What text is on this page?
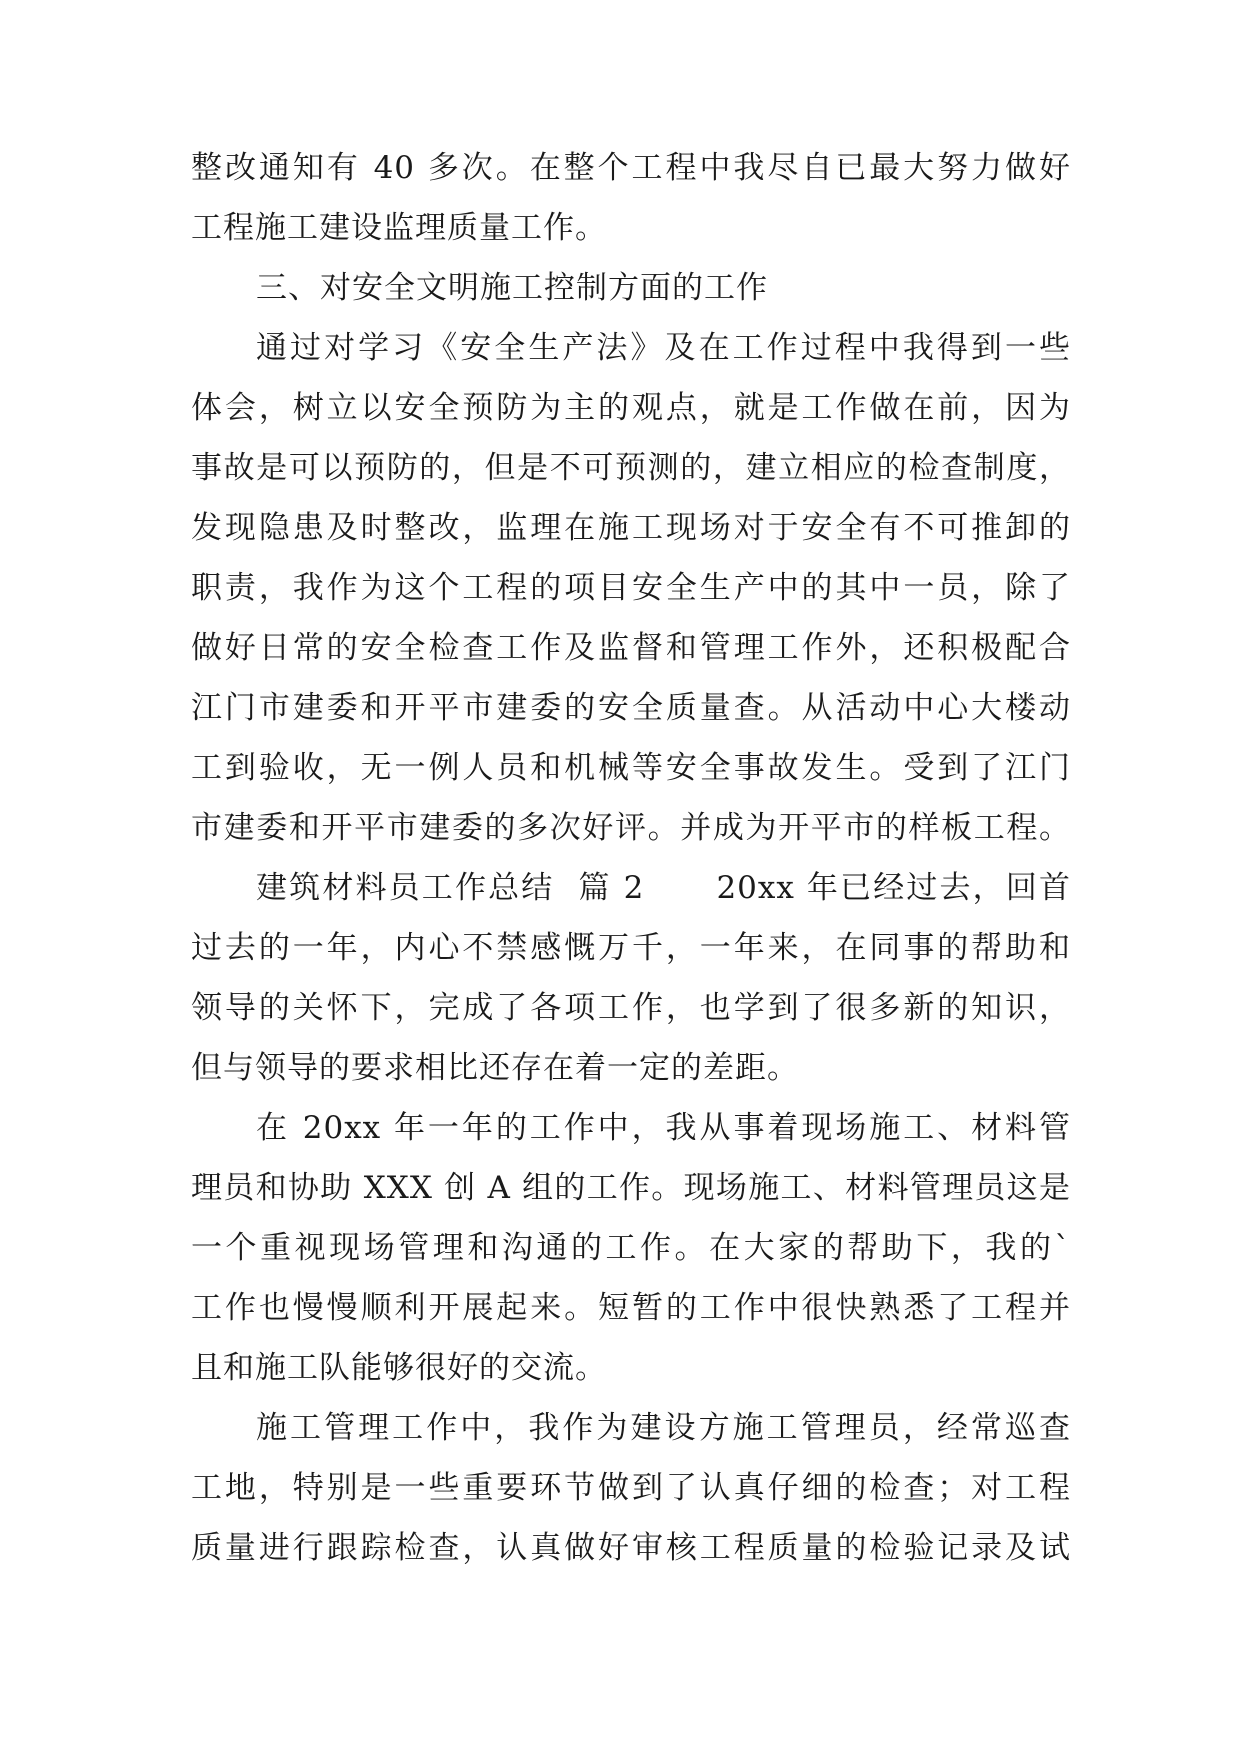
整改通知有 40 多次。在整个工程中我尽自已最大努力做好
工程施工建设监理质量工作。
三、对安全文明施工控制方面的工作
通过对学习《安全生产法》及在工作过程中我得到一些
体会，树立以安全预防为主的观点，就是工作做在前，因为
事故是可以预防的，但是不可预测的，建立相应的检查制度，
发现隐患及时整改，监理在施工现场对于安全有不可推卸的
职责，我作为这个工程的项目安全生产中的其中一员，除了
做好日常的安全检查工作及监督和管理工作外，还积极配合
江门市建委和开平市建委的安全质量查。从活动中心大楼动
工到验收，无一例人员和机械等安全事故发生。受到了江门
市建委和开平市建委的多次好评。并成为开平市的样板工程。
建筑材料员工作总结  篇 2      20xx 年已经过去，回首
过去的一年，内心不禁感慨万千，一年来，在同事的帮助和
领导的关怀下，完成了各项工作，也学到了很多新的知识，
但与领导的要求相比还存在着一定的差距。
在 20xx 年一年的工作中，我从事着现场施工、材料管
理员和协助 XXX 创 A 组的工作。现场施工、材料管理员这是
一个重视现场管理和沟通的工作。在大家的帮助下，我的`
工作也慢慢顺利开展起来。短暂的工作中很快熟悉了工程并
且和施工队能够很好的交流。
施工管理工作中，我作为建设方施工管理员，经常巡查
工地，特别是一些重要环节做到了认真仔细的检查；对工程
质量进行跟踪检查，认真做好审核工程质量的检验记录及试
